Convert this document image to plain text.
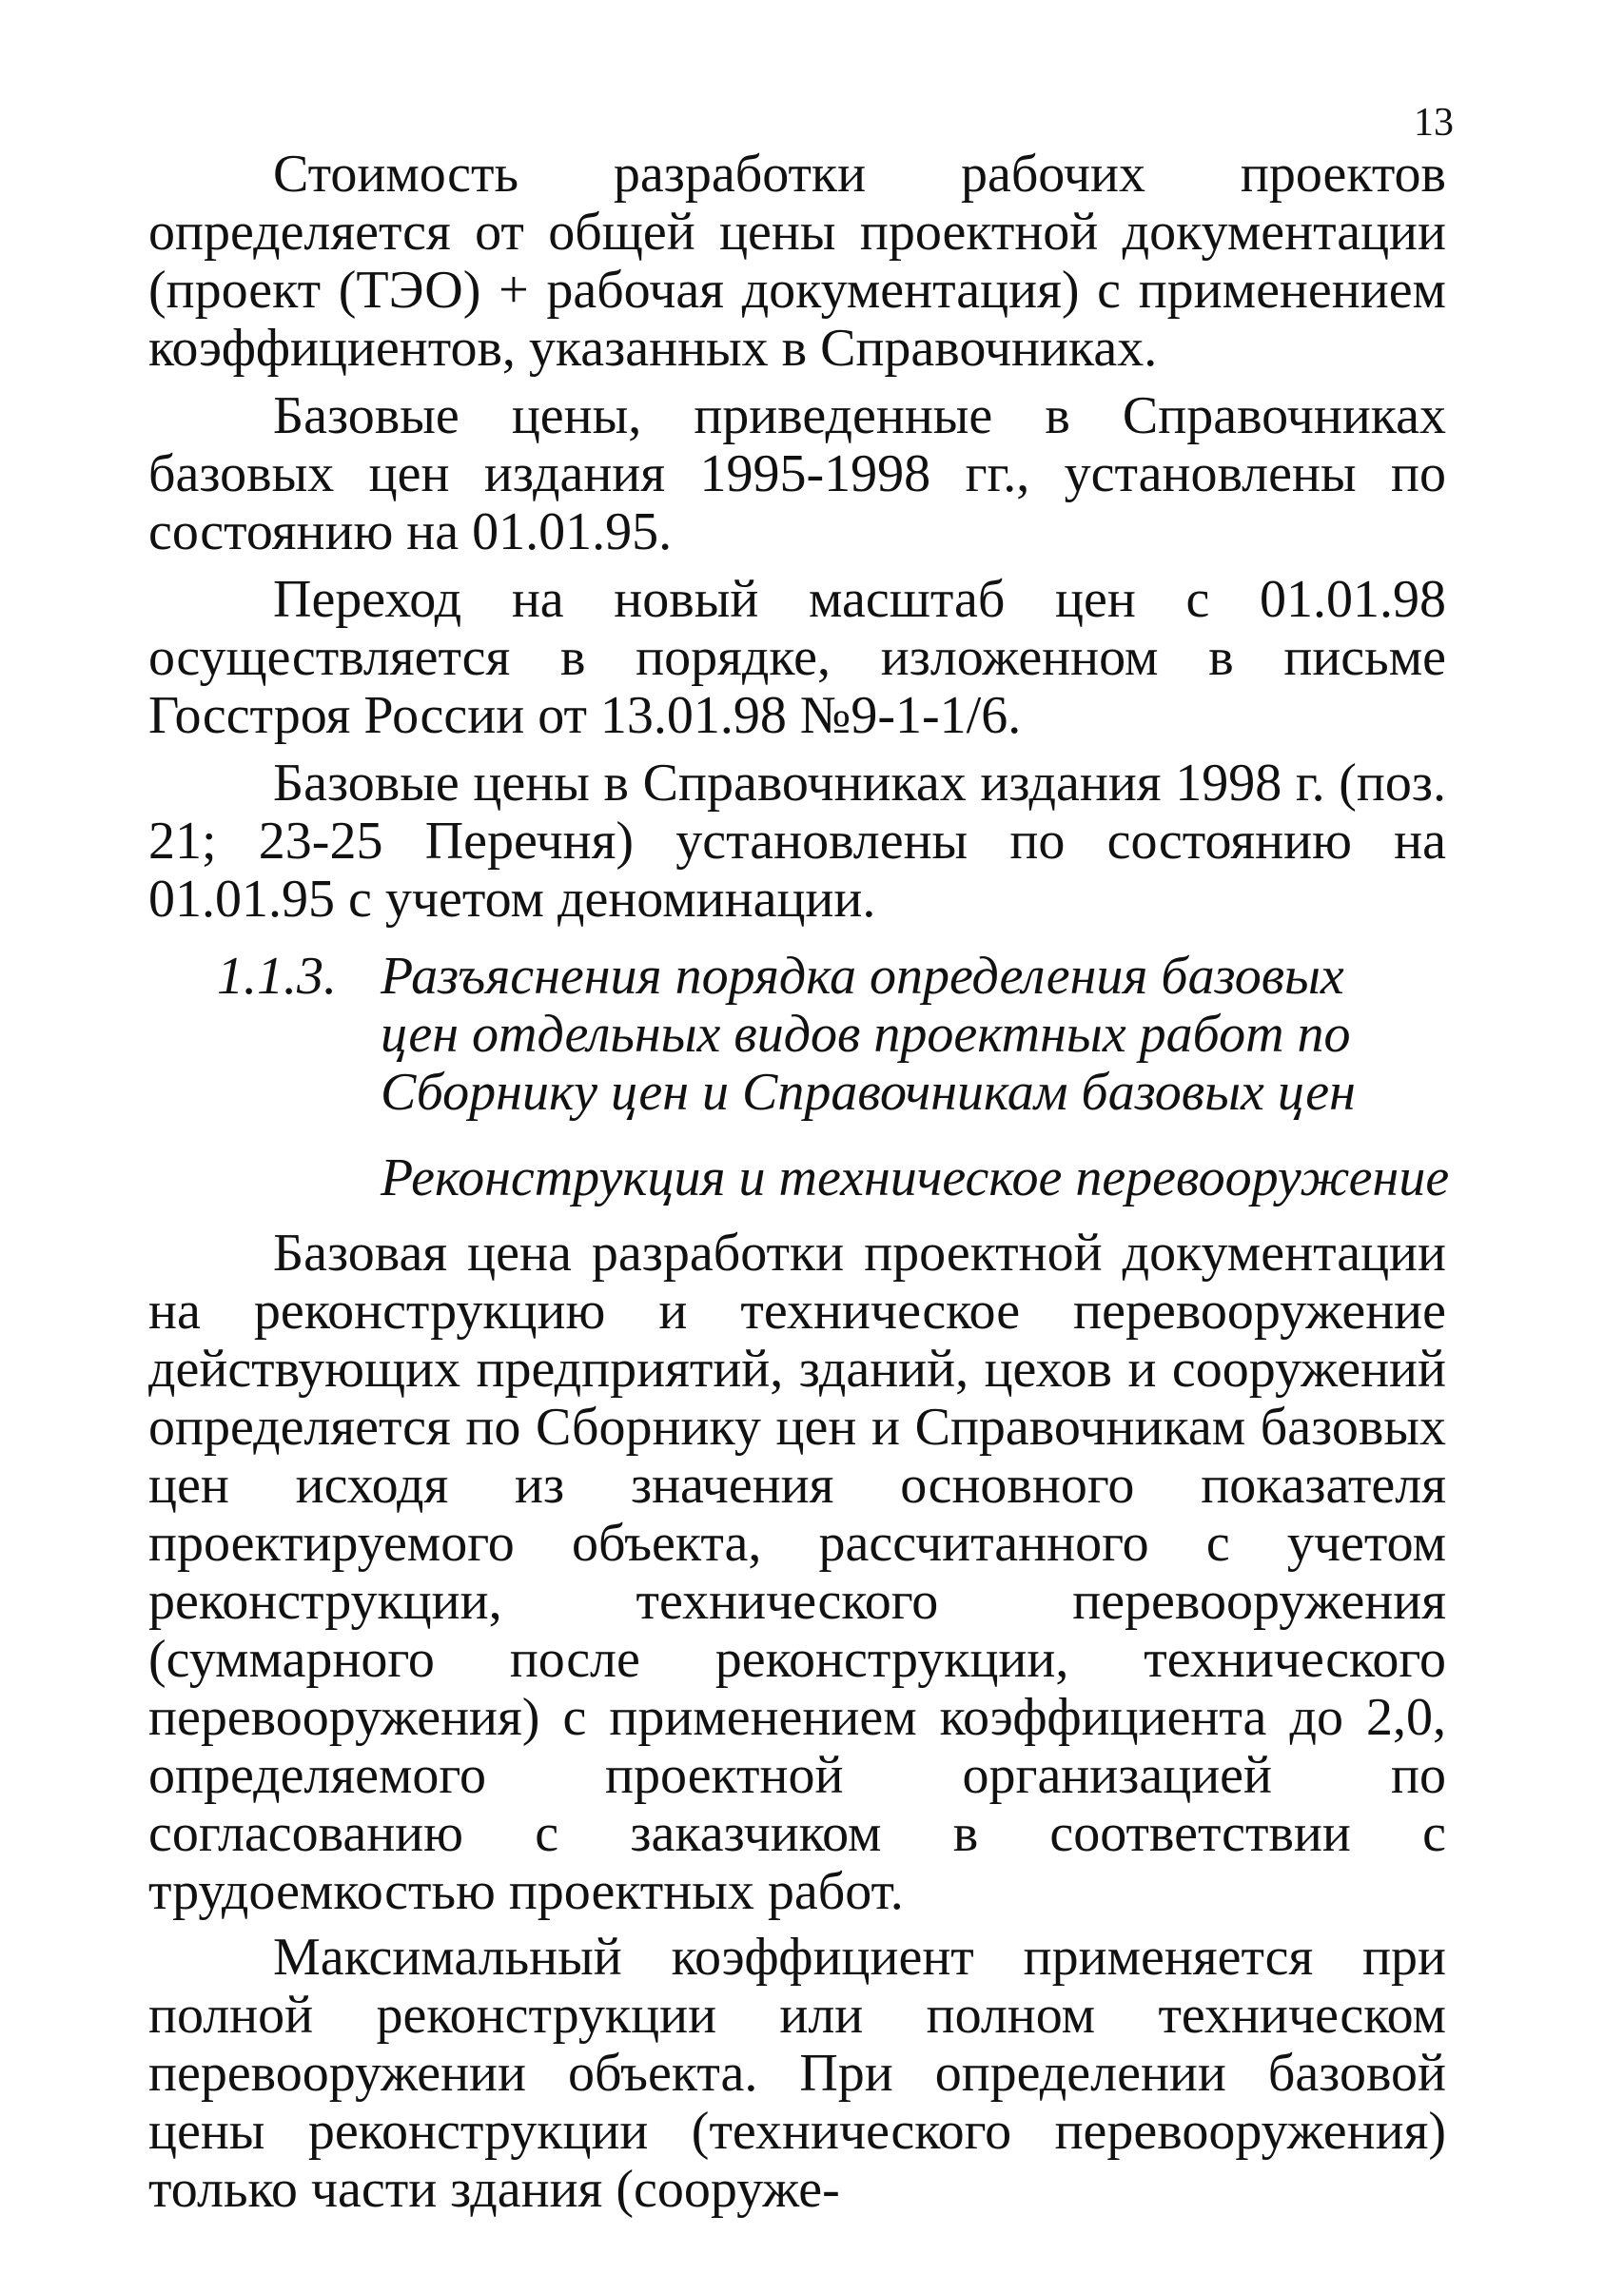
13

Стоимость разработки рабочих проектов определяется от общей цены проектной документации (проект (ТЭО) + рабочая документация) с применением коэффициентов, указанных в Справочниках.

Базовые цены, приведенные в Справочниках базовых цен издания 1995-1998 гг., установлены по состоянию на 01.01.95.

Переход на новый масштаб цен с 01.01.98 осуществляется в порядке, изложенном в письме Госстроя России от 13.01.98 №9-1-1/6.

Базовые цены в Справочниках издания 1998 г. (поз. 21; 23-25 Перечня) установлены по состоянию на 01.01.95 с учетом деноминации.

1.1.3. Разъяснения порядка определения базовых цен отдельных видов проектных работ по Сборнику цен и Справочникам базовых цен
Реконструкция и техническое перевооружение

Базовая цена разработки проектной документации на реконструкцию и техническое перевооружение действующих предприятий, зданий, цехов и сооружений определяется по Сборнику цен и Справочникам базовых цен исходя из значения основного показателя проектируемого объекта, рассчитанного с учетом реконструкции, технического перевооружения (суммарного после реконструкции, технического перевооружения) с применением коэффициента до 2,0, определяемого проектной организацией по согласованию с заказчиком в соответствии с трудоемкостью проектных работ.

Максимальный коэффициент применяется при полной реконструкции или полном техническом перевооружении объекта. При определении базовой цены реконструкции (технического перевооружения) только части здания (сооруже-
